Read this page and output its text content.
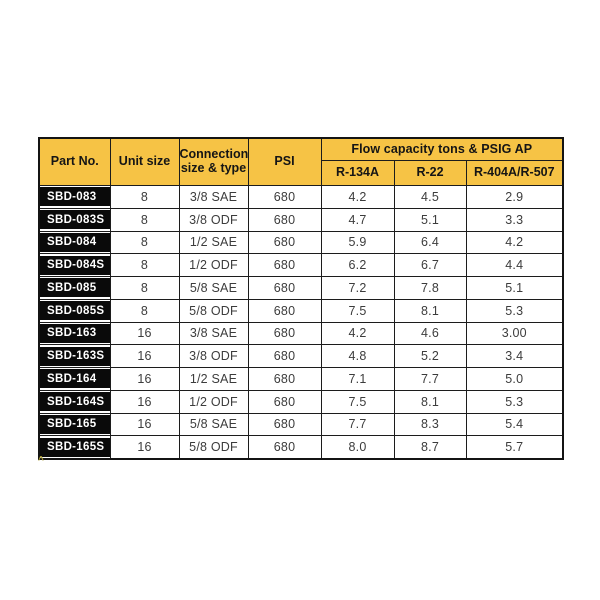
Part No.	Unit size	Connection size & type	PSI	Flow capacity tons & PSIG AP		
				R-134A	R-22	R-404A/R-507

SBD-083	8	3/8 SAE	680	4.2	4.5	2.9

SBD-083S	8	3/8 ODF	680	4.7	5.1	3.3

SBD-084	8	1/2 SAE	680	5.9	6.4	4.2

SBD-084S	8	1/2 ODF	680	6.2	6.7	4.4

SBD-085	8	5/8 SAE	680	7.2	7.8	5.1

SBD-085S	8	5/8 ODF	680	7.5	8.1	5.3

SBD-163	16	3/8 SAE	680	4.2	4.6	3.00

SBD-163S	16	3/8 ODF	680	4.8	5.2	3.4

SBD-164	16	1/2 SAE	680	7.1	7.7	5.0

SBD-164S	16	1/2 ODF	680	7.5	8.1	5.3

SBD-165	16	5/8 SAE	680	7.7	8.3	5.4

SBD-165S	16	5/8 ODF	680	8.0	8.7	5.7
^
